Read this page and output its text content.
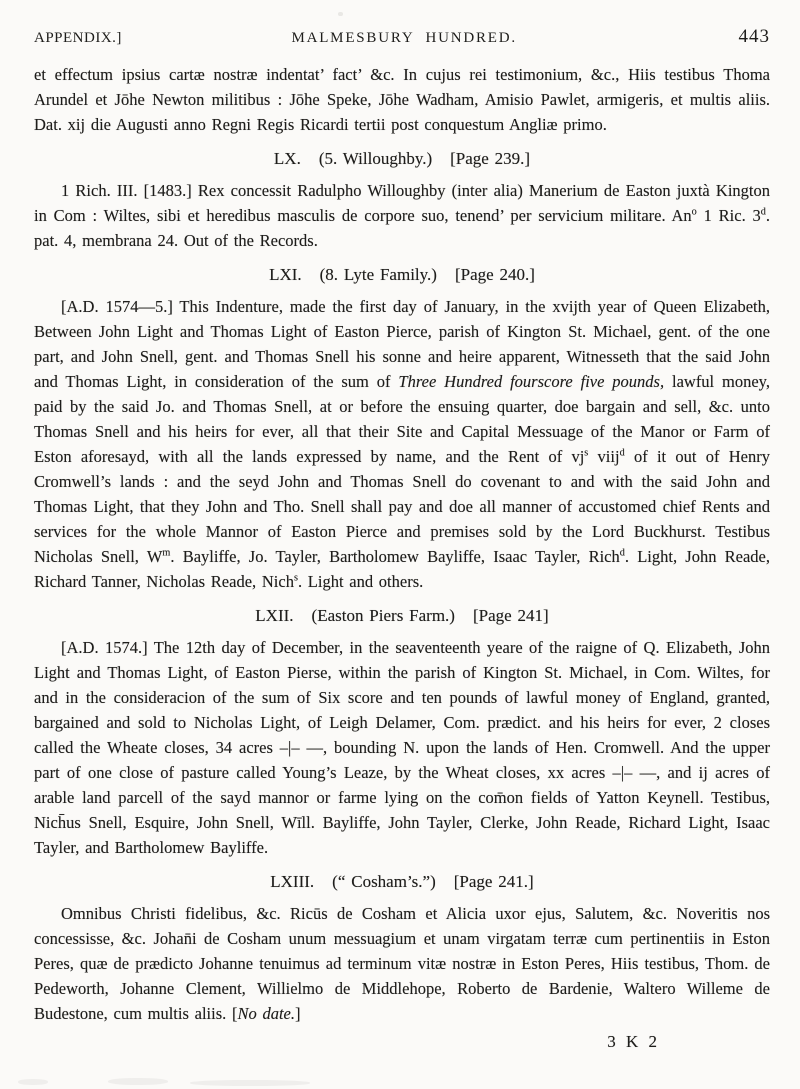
APPENDIX.]	MALMESBURY HUNDRED.	443

et effectum ipsius cartæ nostræ indentat’ fact’ &c. In cujus rei testimonium, &c., Hiis testibus Thoma Arundel et Jōhe Newton militibus : Jōhe Speke, Jōhe Wadham, Amisio Pawlet, armigeris, et multis aliis. Dat. xij die Augusti anno Regni Regis Ricardi tertii post conquestum Angliæ primo.

LX. (5. Willoughby.) [Page 239.]

1 Rich. III. [1483.] Rex concessit Radulpho Willoughby (inter alia) Manerium de Easton juxtà Kington in Com : Wiltes, sibi et heredibus masculis de corpore suo, tenend’ per servicium militare. An$^o$ 1 Ric. 3$^d$. pat. 4, membrana 24. Out of the Records.

LXI. (8. Lyte Family.) [Page 240.]

[A.D. 1574—5.] This Indenture, made the first day of January, in the xvijth year of Queen Elizabeth, Between John Light and Thomas Light of Easton Pierce, parish of Kington St. Michael, gent. of the one part, and John Snell, gent. and Thomas Snell his sonne and heire apparent, Witnesseth that the said John and Thomas Light, in consideration of the sum of Three Hundred fourscore five pounds, lawful money, paid by the said Jo. and Thomas Snell, at or before the ensuing quarter, doe bargain and sell, &c. unto Thomas Snell and his heirs for ever, all that their Site and Capital Messuage of the Manor or Farm of Eston aforesayd, with all the lands expressed by name, and the Rent of $vj^s$ viij$^d$ of it out of Henry Cromwell’s lands : and the seyd John and Thomas Snell do covenant to and with the said John and Thomas Light, that they John and Tho. Snell shall pay and doe all manner of accustomed chief Rents and services for the whole Mannor of Easton Pierce and premises sold by the Lord Buckhurst. Testibus Nicholas Snell, $W^m$. Bayliffe, Jo. Tayler, Bartholomew Bayliffe, Isaac Tayler, Rich$^d$. Light, John Reade, Richard Tanner, Nicholas Reade, Nich$^s$. Light and others.

LXII. (Easton Piers Farm.) [Page 241]

[A.D. 1574.] The 12th day of December, in the seaventeenth yeare of the raigne of Q. Elizabeth, John Light and Thomas Light, of Easton Pierse, within the parish of Kington St. Michael, in Com. Wiltes, for and in the consideracion of the sum of Six score and ten pounds of lawful money of England, granted, bargained and sold to Nicholas Light, of Leigh Delamer, Com. prædict. and his heirs for ever, 2 closes called the Wheate closes, 34 acres –|– —, bounding N. upon the lands of Hen. Cromwell. And the upper part of one close of pasture called Young’s Leaze, by the Wheat closes, xx acres –|– —, and ij acres of arable land parcell of the sayd mannor or farme lying on the com̄on fields of Yatton Keynell. Testibus, Nich̄us Snell, Esquire, John Snell, Wīll. Bayliffe, John Tayler, Clerke, John Reade, Richard Light, Isaac Tayler, and Bartholomew Bayliffe.

LXIII. (“ Cosham’s.”) [Page 241.]

Omnibus Christi fidelibus, &c. Ricūs de Cosham et Alicia uxor ejus, Salutem, &c. Noveritis nos concessisse, &c. Johan̄i de Cosham unum messuagium et unam virgatam terræ cum pertinentiis in Eston Peres, quæ de prædicto Johanne tenuimus ad terminum vitæ nostræ in Eston Peres, Hiis testibus, Thom. de Pedeworth, Johanne Clement, Willielmo de Middlehope, Roberto de Bardenie, Waltero Willeme de Budestone, cum multis aliis. [No date.]

3 K 2
